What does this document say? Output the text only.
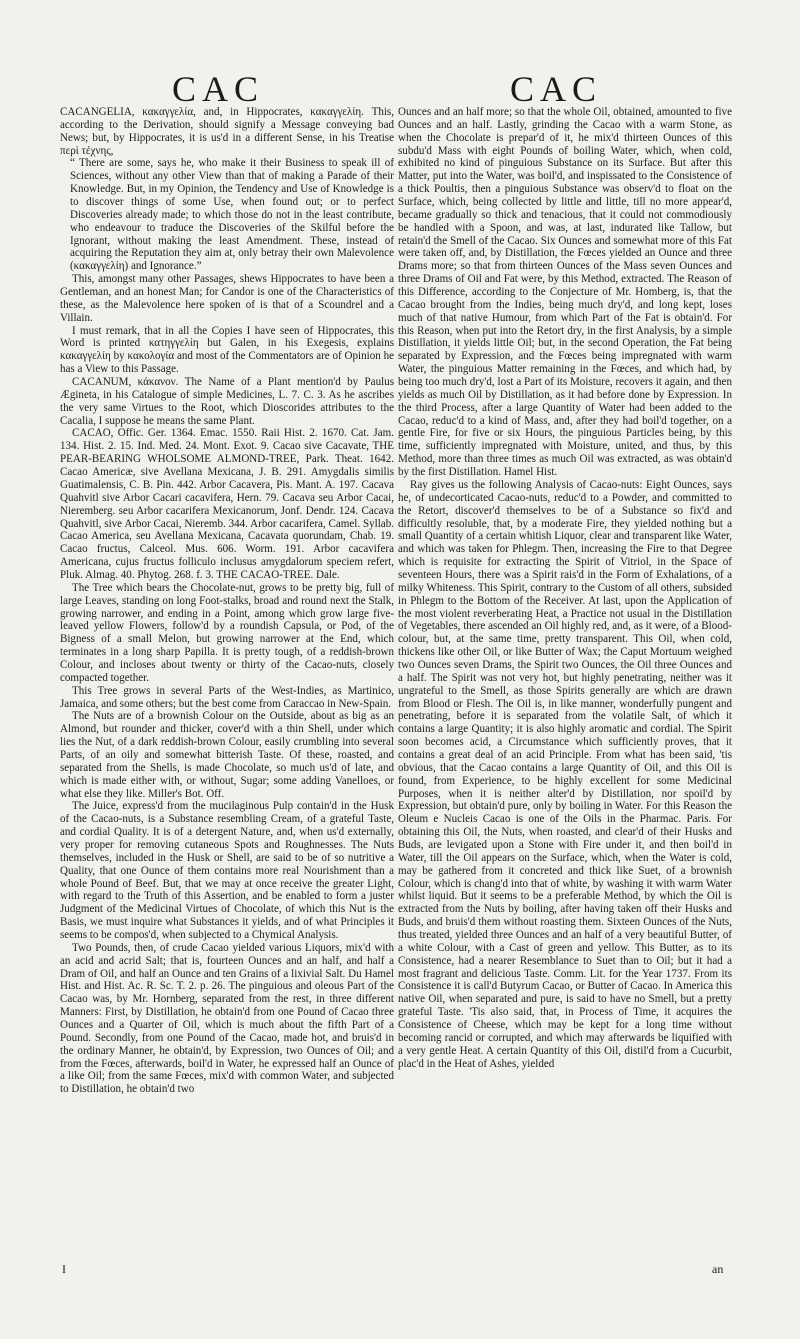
CAC	CAC

CACANGELIA, κακαγγελία, and, in Hippocrates, κακαγγελίη. This, according to the Derivation, should signify a Message conveying bad News; but, by Hippocrates, it is us'd in a different Sense, in his Treatise περὶ τέχνης,

“ There are some, says he, who make it their Business to speak ill of Sciences, without any other View than that of making a Parade of their Knowledge. But, in my Opinion, the Tendency and Use of Knowledge is to discover things of some Use, when found out; or to perfect Discoveries already made; to which those do not in the least contribute, who endeavour to traduce the Discoveries of the Skilful before the Ignorant, without making the least Amendment. These, instead of acquiring the Reputation they aim at, only betray their own Malevolence (κακαγγελίη) and Ignorance.”

This, amongst many other Passages, shews Hippocrates to have been a Gentleman, and an honest Man; for Candor is one of the Characteristics of these, as the Malevolence here spoken of is that of a Scoundrel and a Villain.

I must remark, that in all the Copies I have seen of Hippocrates, this Word is printed κατηγγελίη but Galen, in his Exegesis, explains κακαγγελίη by κακολογία and most of the Commentators are of Opinion he has a View to this Passage.

CACANUM, κάκανον. The Name of a Plant mention'd by Paulus Ægineta, in his Catalogue of simple Medicines, L. 7. C. 3. As he ascribes the very same Virtues to the Root, which Dioscorides attributes to the Cacalia, I suppose he means the same Plant.

CACAO, Offic. Ger. 1364. Emac. 1550. Raii Hist. 2. 1670. Cat. Jam. 134. Hist. 2. 15. Ind. Med. 24. Mont. Exot. 9. Cacao sive Cacavate, THE PEAR-BEARING WHOLSOME ALMOND-TREE, Park. Theat. 1642. Cacao Americæ, sive Avellana Mexicana, J. B. 291. Amygdalis similis Guatimalensis, C. B. Pin. 442. Arbor Cacavera, Pis. Mant. A. 197. Cacava Quahvitl sive Arbor Cacari cacavifera, Hern. 79. Cacava seu Arbor Cacai, Nieremberg. seu Arbor cacarifera Mexicanorum, Jonf. Dendr. 124. Cacava Quahvitl, sive Arbor Cacai, Nieremb. 344. Arbor cacarifera, Camel. Syllab. Cacao America, seu Avellana Mexicana, Cacavata quorundam, Chab. 19. Cacao fructus, Calceol. Mus. 606. Worm. 191. Arbor cacavifera Americana, cujus fructus folliculo inclusus amygdalorum speciem refert, Pluk. Almag. 40. Phytog. 268. f. 3. THE CACAO-TREE. Dale.

The Tree which bears the Chocolate-nut, grows to be pretty big, full of large Leaves, standing on long Foot-stalks, broad and round next the Stalk, growing narrower, and ending in a Point, among which grow large five-leaved yellow Flowers, follow'd by a roundish Capsula, or Pod, of the Bigness of a small Melon, but growing narrower at the End, which terminates in a long sharp Papilla. It is pretty tough, of a reddish-brown Colour, and incloses about twenty or thirty of the Cacao-nuts, closely compacted together.

This Tree grows in several Parts of the West-Indies, as Martinico, Jamaica, and some others; but the best come from Caraccao in New-Spain.

The Nuts are of a brownish Colour on the Outside, about as big as an Almond, but rounder and thicker, cover'd with a thin Shell, under which lies the Nut, of a dark reddish-brown Colour, easily crumbling into several Parts, of an oily and somewhat bitterish Taste. Of these, roasted, and separated from the Shells, is made Chocolate, so much us'd of late, and which is made either with, or without, Sugar; some adding Vanelloes, or what else they like. Miller's Bot. Off.

The Juice, express'd from the mucilaginous Pulp contain'd in the Husk of the Cacao-nuts, is a Substance resembling Cream, of a grateful Taste, and cordial Quality. It is of a detergent Nature, and, when us'd externally, very proper for removing cutaneous Spots and Roughnesses. The Nuts themselves, included in the Husk or Shell, are said to be of so nutritive a Quality, that one Ounce of them contains more real Nourishment than a whole Pound of Beef. But, that we may at once receive the greater Light, with regard to the Truth of this Assertion, and be enabled to form a juster Judgment of the Medicinal Virtues of Chocolate, of which this Nut is the Basis, we must inquire what Substances it yields, and of what Principles it seems to be compos'd, when subjected to a Chymical Analysis.

Two Pounds, then, of crude Cacao yielded various Liquors, mix'd with an acid and acrid Salt; that is, fourteen Ounces and an half, and half a Dram of Oil, and half an Ounce and ten Grains of a lixivial Salt. Du Hamel Hist. and Hist. Ac. R. Sc. T. 2. p. 26. The pinguious and oleous Part of the Cacao was, by Mr. Hornberg, separated from the rest, in three different Manners: First, by Distillation, he obtain'd from one Pound of Cacao three Ounces and a Quarter of Oil, which is much about the fifth Part of a Pound. Secondly, from one Pound of the Cacao, made hot, and bruis'd in the ordinary Manner, he obtain'd, by Expression, two Ounces of Oil; and from the Fœces, afterwards, boil'd in Water, he expressed half an Ounce of a like Oil; from the same Fœces, mix'd with common Water, and subjected to Distillation, he obtain'd two

Ounces and an half more; so that the whole Oil, obtained, amounted to five Ounces and an half. Lastly, grinding the Cacao with a warm Stone, as when the Chocolate is prepar'd of it, he mix'd thirteen Ounces of this subdu'd Mass with eight Pounds of boiling Water, which, when cold, exhibited no kind of pinguious Substance on its Surface. But after this Matter, put into the Water, was boil'd, and inspissated to the Consistence of a thick Poultis, then a pinguious Substance was observ'd to float on the Surface, which, being collected by little and little, till no more appear'd, became gradually so thick and tenacious, that it could not commodiously be handled with a Spoon, and was, at last, indurated like Tallow, but retain'd the Smell of the Cacao. Six Ounces and somewhat more of this Fat were taken off, and, by Distillation, the Fœces yielded an Ounce and three Drams more; so that from thirteen Ounces of the Mass seven Ounces and three Drams of Oil and Fat were, by this Method, extracted. The Reason of this Difference, according to the Conjecture of Mr. Homberg, is, that the Cacao brought from the Indies, being much dry'd, and long kept, loses much of that native Humour, from which Part of the Fat is obtain'd. For this Reason, when put into the Retort dry, in the first Analysis, by a simple Distillation, it yields little Oil; but, in the second Operation, the Fat being separated by Expression, and the Fœces being impregnated with warm Water, the pinguious Matter remaining in the Fœces, and which had, by being too much dry'd, lost a Part of its Moisture, recovers it again, and then yields as much Oil by Distillation, as it had before done by Expression. In the third Process, after a large Quantity of Water had been added to the Cacao, reduc'd to a kind of Mass, and, after they had boil'd together, on a gentle Fire, for five or six Hours, the pinguious Particles being, by this time, sufficiently impregnated with Moisture, united, and thus, by this Method, more than three times as much Oil was extracted, as was obtain'd by the first Distillation. Hamel Hist.

Ray gives us the following Analysis of Cacao-nuts: Eight Ounces, says he, of undecorticated Cacao-nuts, reduc'd to a Powder, and committed to the Retort, discover'd themselves to be of a Substance so fix'd and difficultly resoluble, that, by a moderate Fire, they yielded nothing but a small Quantity of a certain whitish Liquor, clear and transparent like Water, and which was taken for Phlegm. Then, increasing the Fire to that Degree which is requisite for extracting the Spirit of Vitriol, in the Space of seventeen Hours, there was a Spirit rais'd in the Form of Exhalations, of a milky Whiteness. This Spirit, contrary to the Custom of all others, subsided in Phlegm to the Bottom of the Receiver. At last, upon the Application of the most violent reverberating Heat, a Practice not usual in the Distillation of Vegetables, there ascended an Oil highly red, and, as it were, of a Blood-colour, but, at the same time, pretty transparent. This Oil, when cold, thickens like other Oil, or like Butter of Wax; the Caput Mortuum weighed two Ounces seven Drams, the Spirit two Ounces, the Oil three Ounces and a half. The Spirit was not very hot, but highly penetrating, neither was it ungrateful to the Smell, as those Spirits generally are which are drawn from Blood or Flesh. The Oil is, in like manner, wonderfully pungent and penetrating, before it is separated from the volatile Salt, of which it contains a large Quantity; it is also highly aromatic and cordial. The Spirit soon becomes acid, a Circumstance which sufficiently proves, that it contains a great deal of an acid Principle. From what has been said, 'tis obvious, that the Cacao contains a large Quantity of Oil, and this Oil is found, from Experience, to be highly excellent for some Medicinal Purposes, when it is neither alter'd by Distillation, nor spoil'd by Expression, but obtain'd pure, only by boiling in Water. For this Reason the Oleum e Nucleis Cacao is one of the Oils in the Pharmac. Paris. For obtaining this Oil, the Nuts, when roasted, and clear'd of their Husks and Buds, are levigated upon a Stone with Fire under it, and then boil'd in Water, till the Oil appears on the Surface, which, when the Water is cold, may be gathered from it concreted and thick like Suet, of a brownish Colour, which is chang'd into that of white, by washing it with warm Water whilst liquid. But it seems to be a preferable Method, by which the Oil is extracted from the Nuts by boiling, after having taken off their Husks and Buds, and bruis'd them without roasting them. Sixteen Ounces of the Nuts, thus treated, yielded three Ounces and an half of a very beautiful Butter, of a white Colour, with a Cast of green and yellow. This Butter, as to its Consistence, had a nearer Resemblance to Suet than to Oil; but it had a most fragrant and delicious Taste. Comm. Lit. for the Year 1737. From its Consistence it is call'd Butyrum Cacao, or Butter of Cacao. In America this native Oil, when separated and pure, is said to have no Smell, but a pretty grateful Taste. 'Tis also said, that, in Process of Time, it acquires the Consistence of Cheese, which may be kept for a long time without becoming rancid or corrupted, and which may afterwards be liquified with a very gentle Heat. A certain Quantity of this Oil, distil'd from a Cucurbit, plac'd in the Heat of Ashes, yielded

I	an
